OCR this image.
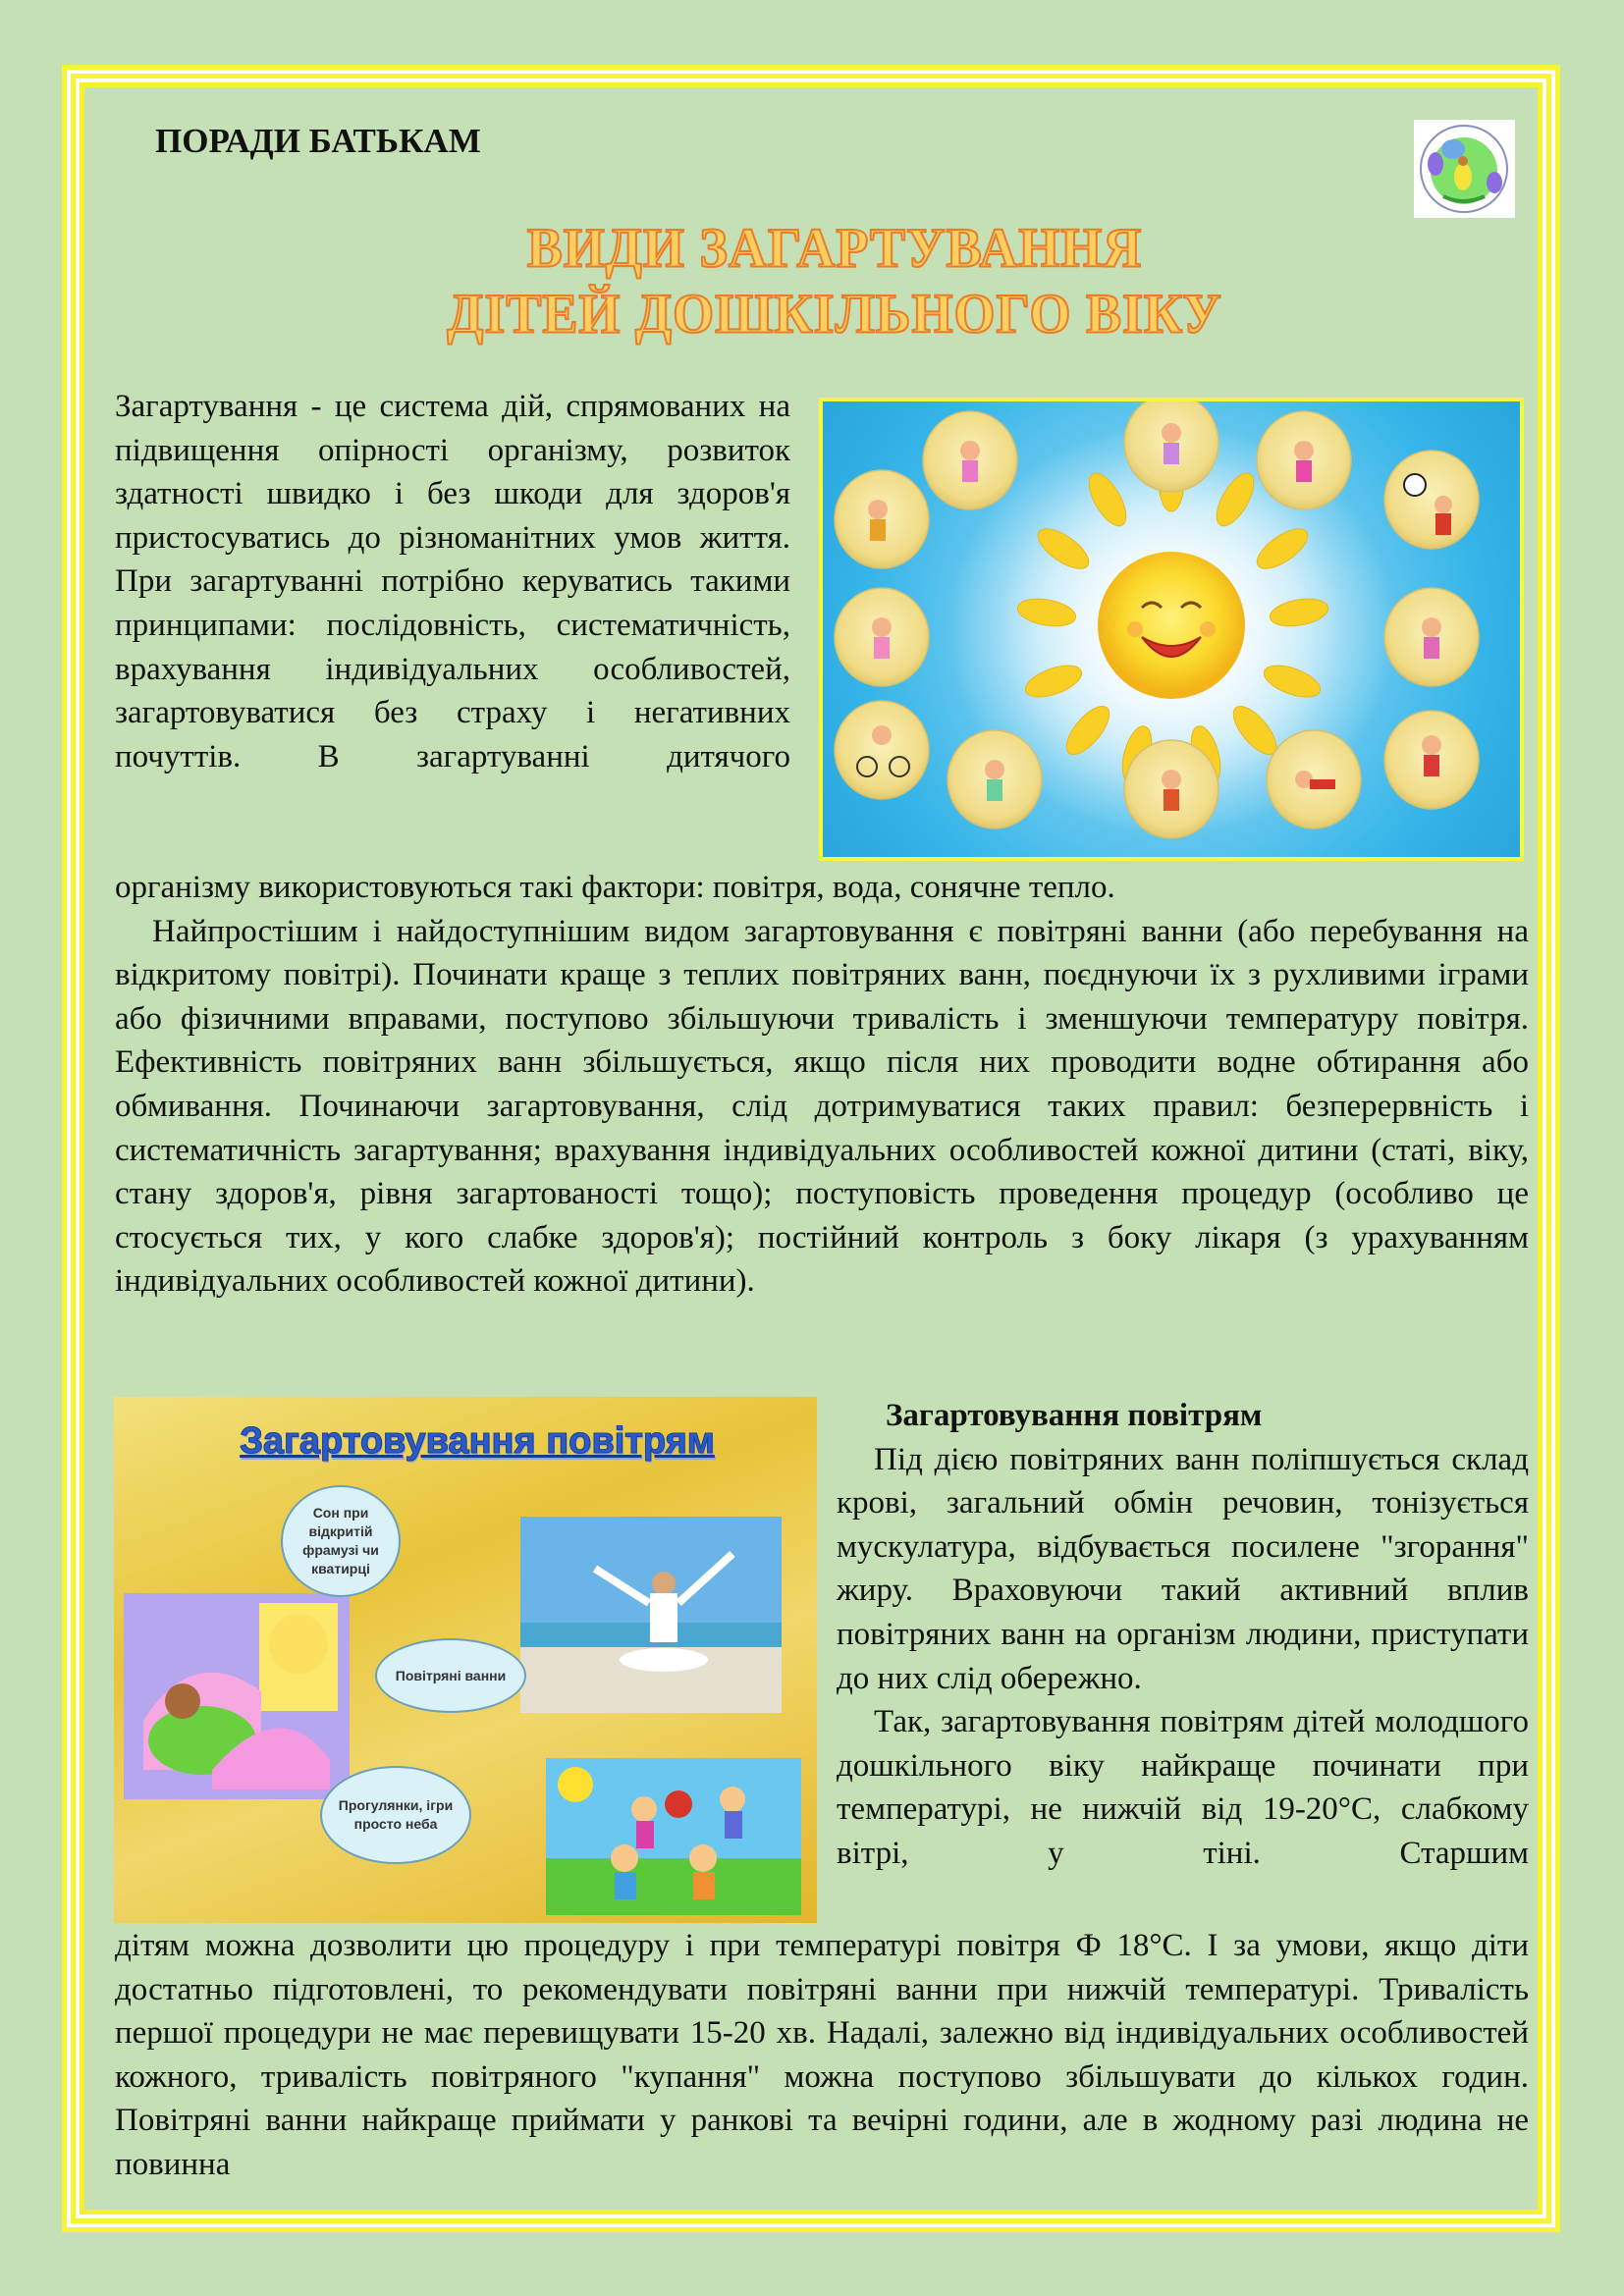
ПОРАДИ БАТЬКАМ
ВИДИ ЗАГАРТУВАННЯ
ДІТЕЙ ДОШКІЛЬНОГО ВІКУ

Загартування - це система дій, спрямованих на підвищення опірності організму, розвиток здатності швидко і без шкоди для здоров'я пристосуватись до різноманітних умов життя. При загартуванні потрібно керуватись такими принципами: послідовність, систематичність, врахування індивідуальних особливостей, загартовуватися без страху і негативних почуттів. В загартуванні дитячого

організму використовуються такі фактори: повітря, вода, сонячне тепло.

Найпростішим і найдоступнішим видом загартовування є повітряні ванни (або перебування на відкритому повітрі). Починати краще з теплих повітряних ванн, поєднуючи їх з рухливими іграми або фізичними вправами, поступово збільшуючи тривалість і зменшуючи температуру повітря. Ефективність повітряних ванн збільшується, якщо після них проводити водне обтирання або обмивання. Починаючи загартовування, слід дотримуватися таких правил: безперервність і систематичність загартування; врахування індивідуальних особливостей кожної дитини (статі, віку, стану здоров'я, рівня загартованості тощо); поступовість проведення процедур (особливо це стосується тих, у кого слабке здоров'я); постійний контроль з боку лікаря (з урахуванням індивідуальних особливостей кожної дитини).

Загартовування повітрям
Сон при відкритій фрамузі чи кватирці
Повітряні ванни
Прогулянки, ігри просто неба
Загартовування повітрям

Під дією повітряних ванн поліпшується склад крові, загальний обмін речовин, тонізується мускулатура, відбувається посилене "згорання" жиру. Враховуючи такий активний вплив повітряних ванн на організм людини, приступати до них слід обережно.

Так, загартовування повітрям дітей молодшого дошкільного віку найкраще починати при температурі, не нижчій від 19-20°С, слабкому вітрі, у тіні. Старшим

дітям можна дозволити цю процедуру і при температурі повітря Ф 18°С. І за умови, якщо діти достатньо підготовлені, то рекомендувати повітряні ванни при нижчій температурі. Тривалість першої процедури не має перевищувати 15-20 хв. Надалі, залежно від індивідуальних особливостей кожного, тривалість повітряного "купання" можна поступово збільшувати до кількох годин. Повітряні ванни найкраще приймати у ранкові та вечірні години, але в жодному разі людина не повинна
